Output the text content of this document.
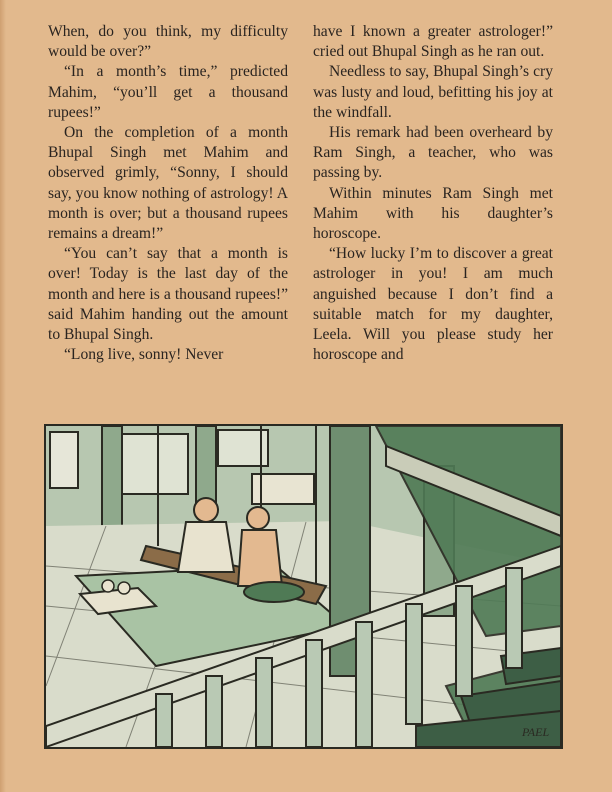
When, do you think, my difficulty would be over?”

“In a month’s time,” predicted Mahim, “you’ll get a thousand rupees!”

On the completion of a month Bhupal Singh met Mahim and observed grimly, “Sonny, I should say, you know nothing of astrology! A month is over; but a thousand rupees remains a dream!”

“You can’t say that a month is over! Today is the last day of the month and here is a thousand rupees!” said Mahim handing out the amount to Bhupal Singh.

“Long live, sonny! Never

have I known a greater astrologer!” cried out Bhupal Singh as he ran out.

Needless to say, Bhupal Singh’s cry was lusty and loud, befitting his joy at the windfall.

His remark had been overheard by Ram Singh, a teacher, who was passing by.

Within minutes Ram Singh met Mahim with his daughter’s horoscope.

“How lucky I’m to discover a great astrologer in you! I am much anguished because I don’t find a suitable match for my daughter, Leela. Will you please study her horoscope and

PAEL
